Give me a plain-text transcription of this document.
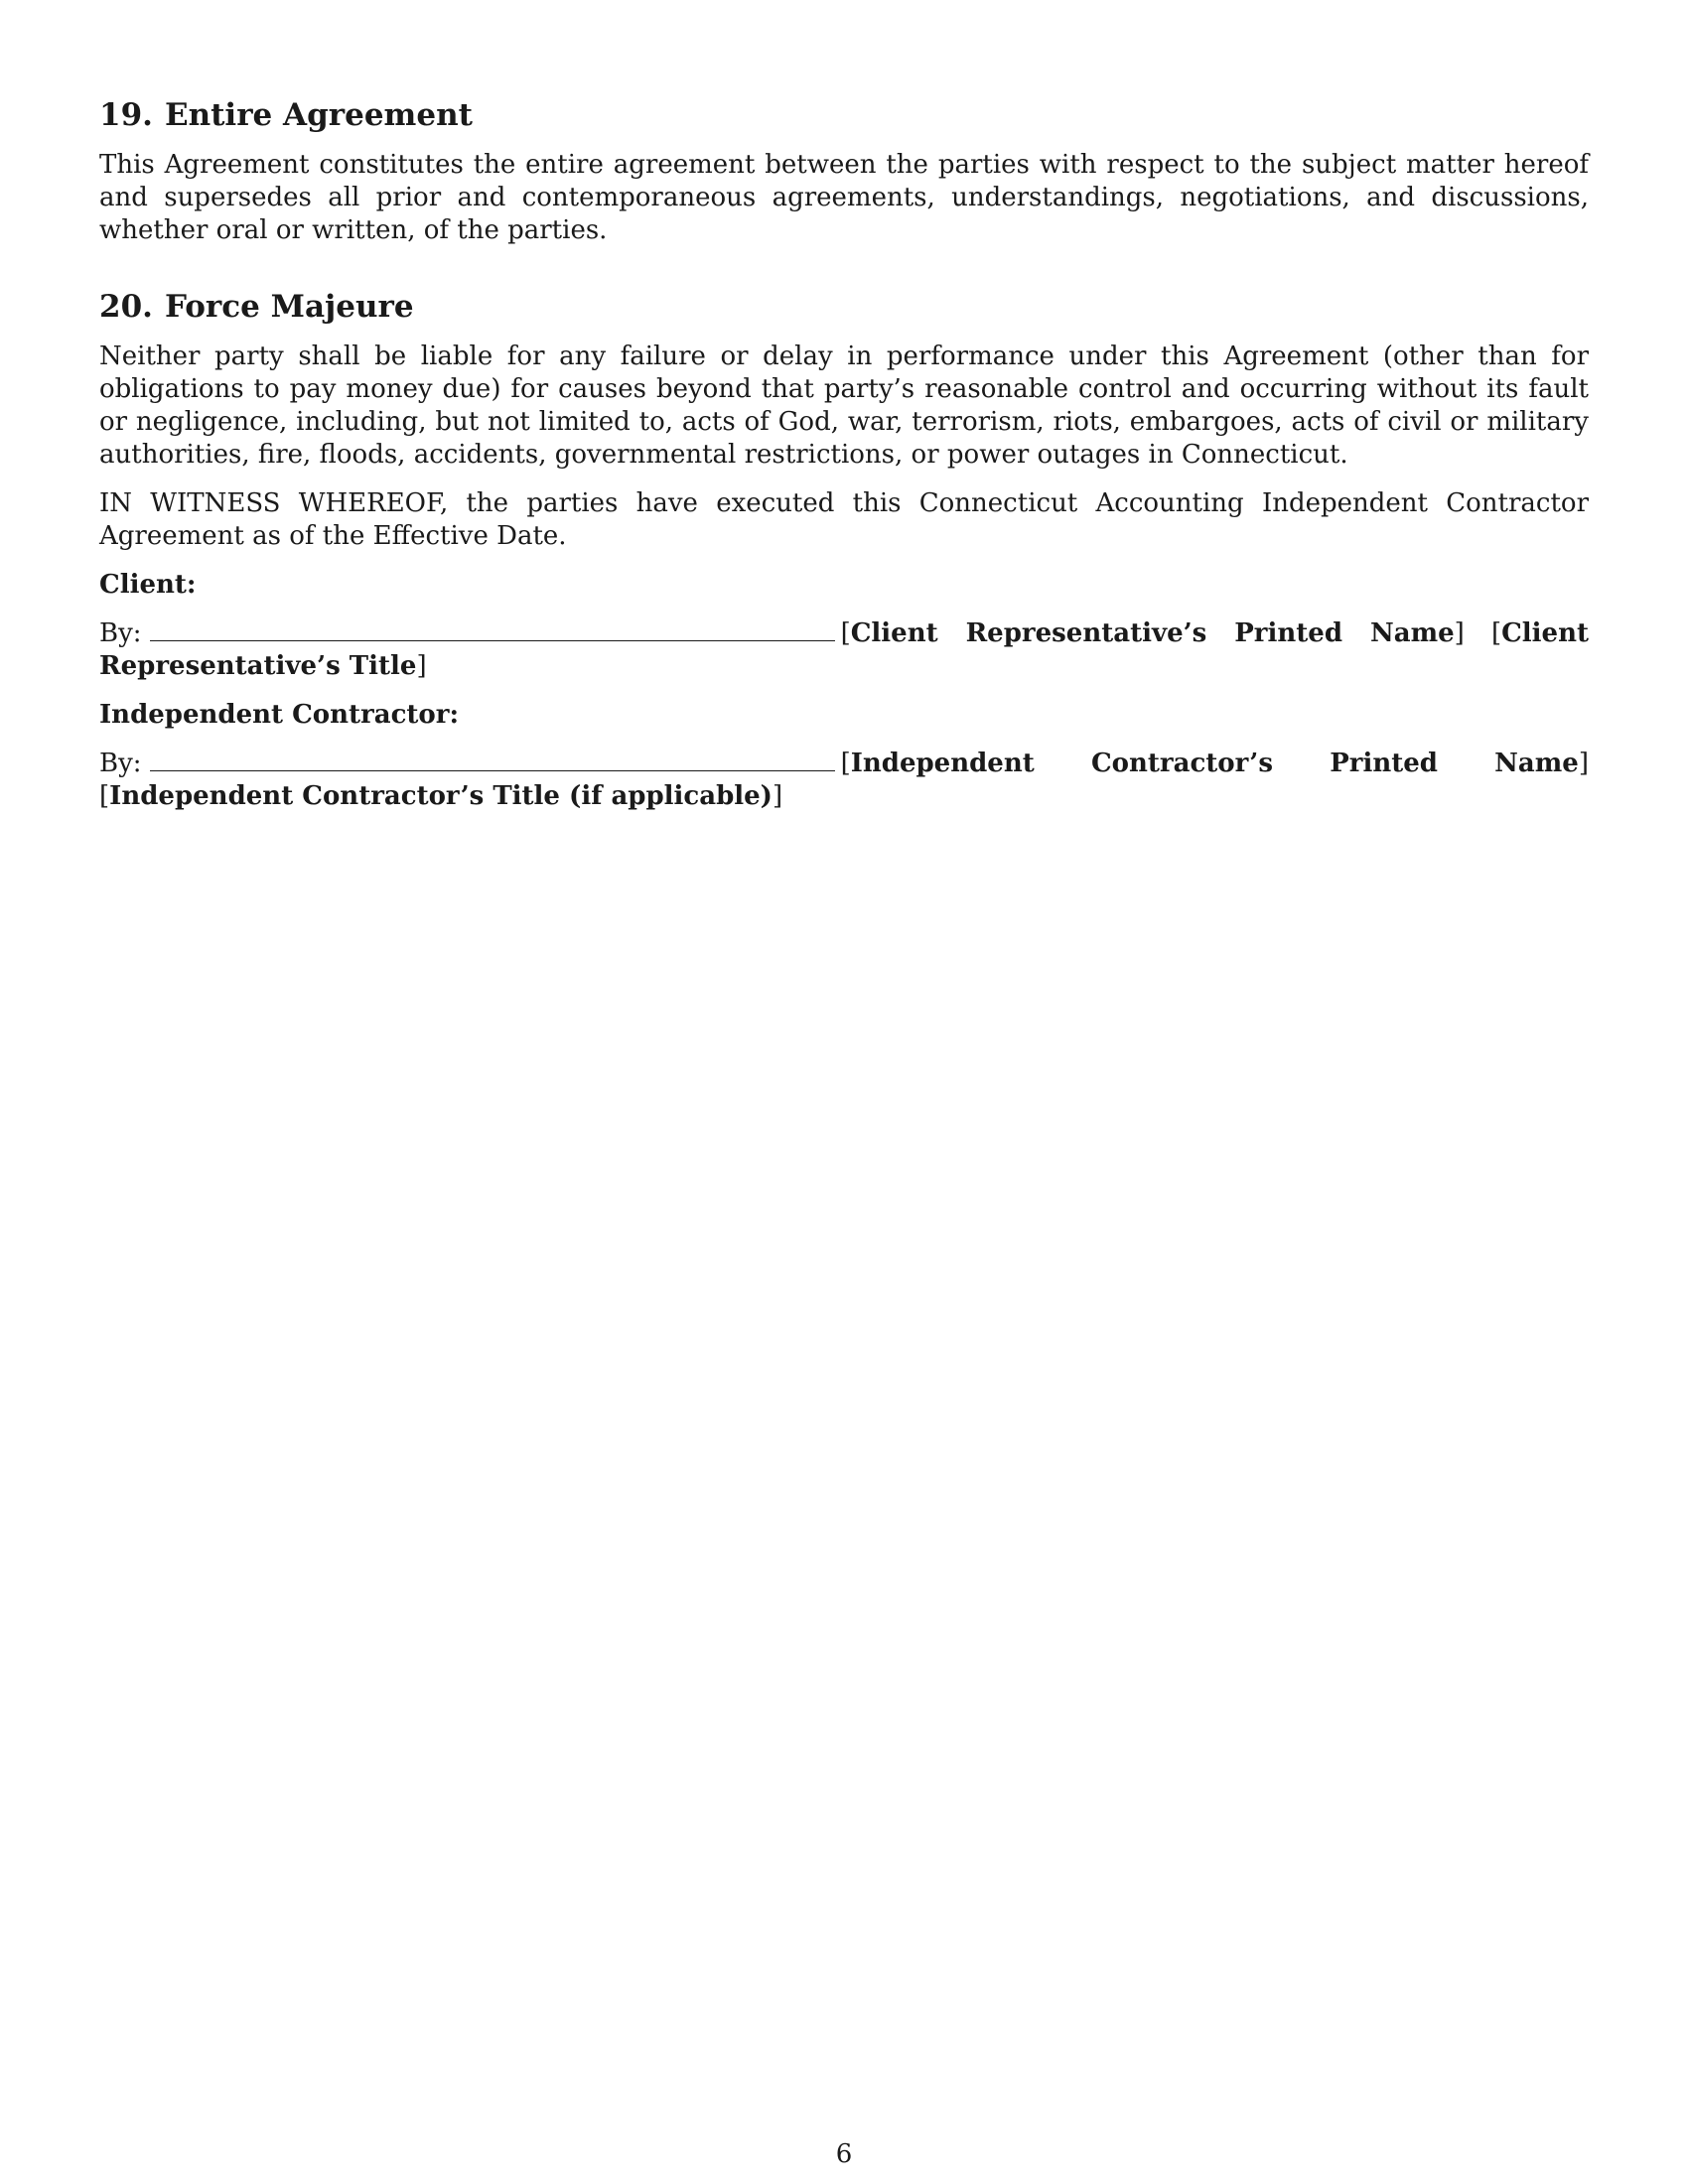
19. Entire Agreement

This Agreement constitutes the entire agreement between the parties with respect to the subject matter hereof and supersedes all prior and contemporaneous agreements, understandings, negotiations, and discussions, whether oral or written, of the parties.

20. Force Majeure

Neither party shall be liable for any failure or delay in performance under this Agreement (other than for obligations to pay money due) for causes beyond that party’s reasonable control and occurring without its fault or negligence, including, but not limited to, acts of God, war, terrorism, riots, embargoes, acts of civil or military authorities, fire, floods, accidents, governmental restrictions, or power outages in Connecticut.

IN WITNESS WHEREOF, the parties have executed this Connecticut Accounting Independent Contractor Agreement as of the Effective Date.

Client:
By:	[Client Representative’s Printed Name] [Client Representative’s Title]
Independent Contractor:
By:	[Independent Contractor’s Printed Name] [Independent Contractor’s Title (if applicable)]
6
